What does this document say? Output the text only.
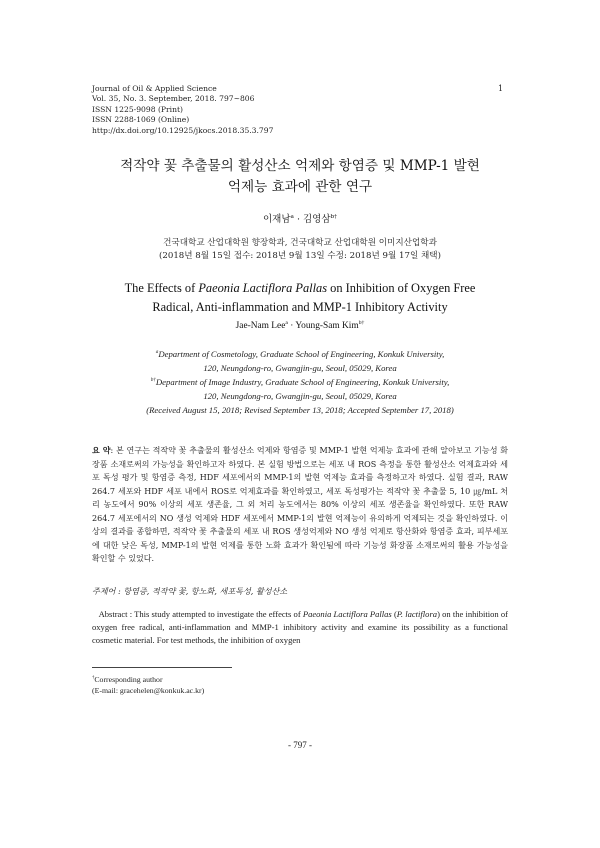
Journal of Oil & Applied Science
Vol. 35, No. 3. September, 2018. 797~806
ISSN 1225-9098 (Print)
ISSN 2288-1069 (Online)
http://dx.doi.org/10.12925/jkocs.2018.35.3.797
1
적작약 꽃 추출물의 활성산소 억제와 항염증 및 MMP-1 발현
억제능 효과에 관한 연구
이재남$^a$ · 김영삼$^{b\dagger}$
건국대학교 산업대학원 향장학과, 건국대학교 산업대학원 이미지산업학과
(2018년 8월 15일 접수: 2018년 9월 13일 수정: 2018년 9월 17일 채택)
The Effects of Paeonia Lactiflora Pallas on Inhibition of Oxygen Free
Radical, Anti-inflammation and MMP-1 Inhibitory Activity
Jae-Nam Lee$^a$ · Young-Sam Kim$^{b\dagger}$
$^a$Department of Cosmetology, Graduate School of Engineering, Konkuk University,
120, Neungdong-ro, Gwangjin-gu, Seoul, 05029, Korea
$^{b\dagger}$Department of Image Industry, Graduate School of Engineering, Konkuk University,
120, Neungdong-ro, Gwangjin-gu, Seoul, 05029, Korea
(Received August 15, 2018; Revised September 13, 2018; Accepted September 17, 2018)
요 약: 본 연구는 적작약 꽃 추출물의 활성산소 억제와 항염증 및 MMP-1 발현 억제능 효과에 관해 알아보고 기능성 화장품 소재로써의 가능성을 확인하고자 하였다. 본 실험 방법으로는 세포 내 ROS 측정을 통한 활성산소 억제효과와 세포 독성 평가 및 항염증 측정, HDF 세포에서의 MMP-1의 발현 억제능 효과를 측정하고자 하였다. 실험 결과, RAW 264.7 세포와 HDF 세포 내에서 ROS로 억제효과를 확인하였고, 세포 독성평가는 적작약 꽃 추출물 5, 10 ㎍/mL 처리 농도에서 90% 이상의 세포 생존율, 그 외 처리 농도에서는 80% 이상의 세포 생존율을 확인하였다. 또한 RAW 264.7 세포에서의 NO 생성 억제와 HDF 세포에서 MMP-1의 발현 억제능이 유의하게 억제되는 것을 확인하였다. 이상의 결과를 종합하면, 적작약 꽃 추출물의 세포 내 ROS 생성억제와 NO 생성 억제로 항산화와 항염증 효과, 피부세포에 대한 낮은 독성, MMP-1의 발현 억제를 통한 노화 효과가 확인됨에 따라 기능성 화장품 소재로써의 활용 가능성을 확인할 수 있었다.
주제어 : 항염증, 적작약 꽃, 항노화, 세포독성, 활성산소
Abstract : This study attempted to investigate the effects of Paeonia Lactiflora Pallas (P. lactiflora) on the inhibition of oxygen free radical, anti-inflammation and MMP-1 inhibitory activity and examine its possibility as a functional cosmetic material. For test methods, the inhibition of oxygen
†Corresponding author
(E-mail: gracehelen@konkuk.ac.kr)
- 797 -
